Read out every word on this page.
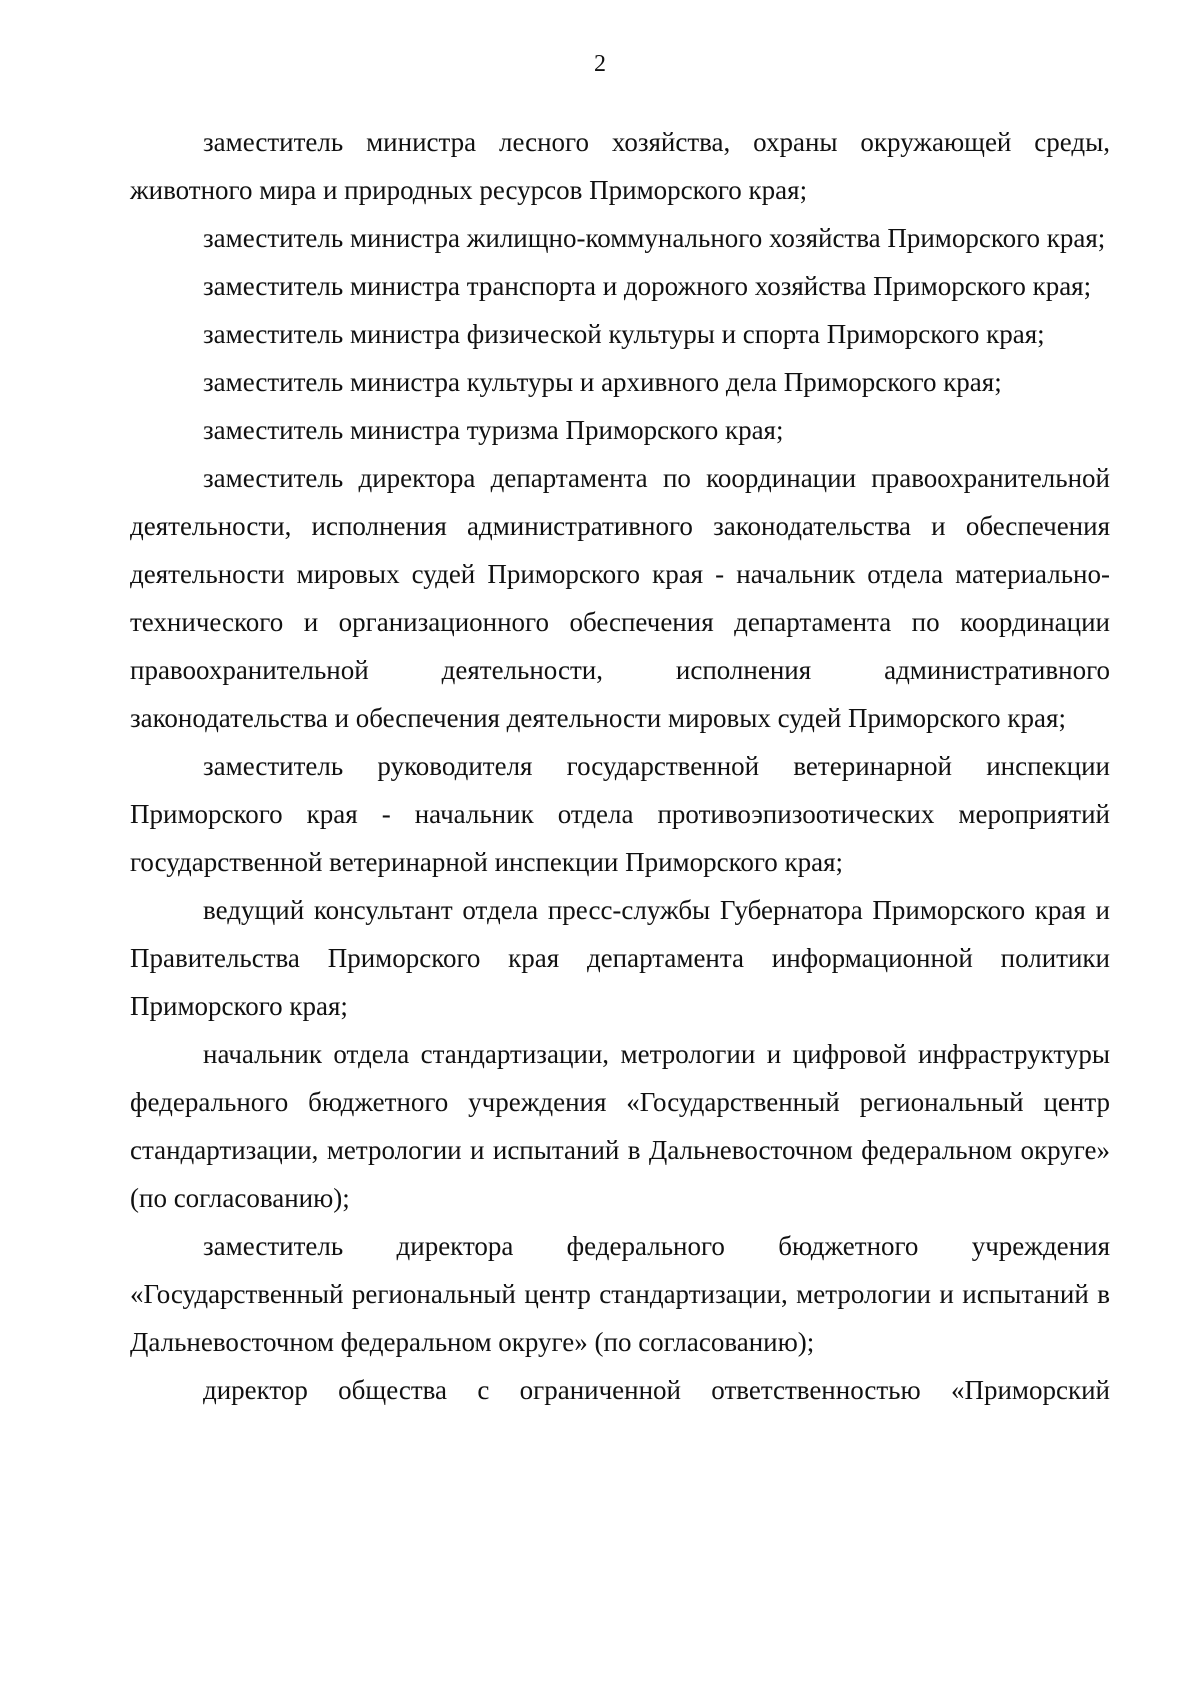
2

заместитель министра лесного хозяйства, охраны окружающей среды, животного мира и природных ресурсов Приморского края;

заместитель министра жилищно-коммунального хозяйства Приморского края;

заместитель министра транспорта и дорожного хозяйства Приморского края;

заместитель министра физической культуры и спорта Приморского края;

заместитель министра культуры и архивного дела Приморского края;

заместитель министра туризма Приморского края;

заместитель директора департамента по координации правоохранительной деятельности, исполнения административного законодательства и обеспечения деятельности мировых судей Приморского края - начальник отдела материально-технического и организационного обеспечения департамента по координации правоохранительной деятельности, исполнения административного законодательства и обеспечения деятельности мировых судей Приморского края;

заместитель руководителя государственной ветеринарной инспекции Приморского края - начальник отдела противоэпизоотических мероприятий государственной ветеринарной инспекции Приморского края;

ведущий консультант отдела пресс-службы Губернатора Приморского края и Правительства Приморского края департамента информационной политики Приморского края;

начальник отдела стандартизации, метрологии и цифровой инфраструктуры федерального бюджетного учреждения «Государственный региональный центр стандартизации, метрологии и испытаний в Дальневосточном федеральном округе» (по согласованию);

заместитель директора федерального бюджетного учреждения «Государственный региональный центр стандартизации, метрологии и испытаний в Дальневосточном федеральном округе» (по согласованию);

директор общества с ограниченной ответственностью «Приморский
